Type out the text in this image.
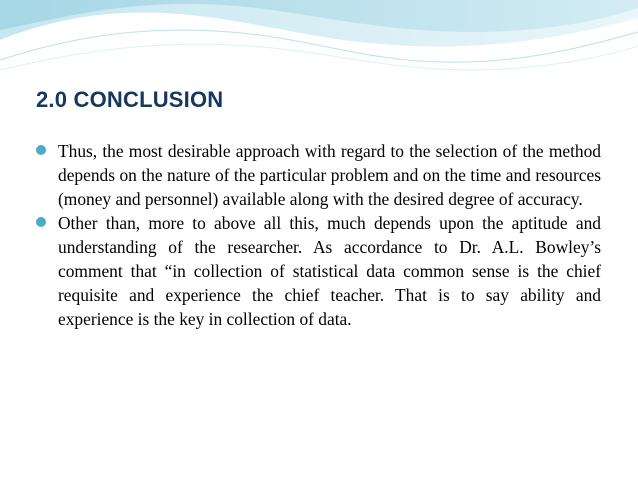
2.0 CONCLUSION
Thus, the most desirable approach with regard to the selection of the method depends on the nature of the particular problem and on the time and resources (money and personnel) available along with the desired degree of accuracy.
Other than, more to above all this, much depends upon the aptitude and understanding of the researcher. As accordance to Dr. A.L. Bowley’s comment that “in collection of statistical data common sense is the chief requisite and experience the chief teacher. That is to say ability and experience is the key in collection of data.
